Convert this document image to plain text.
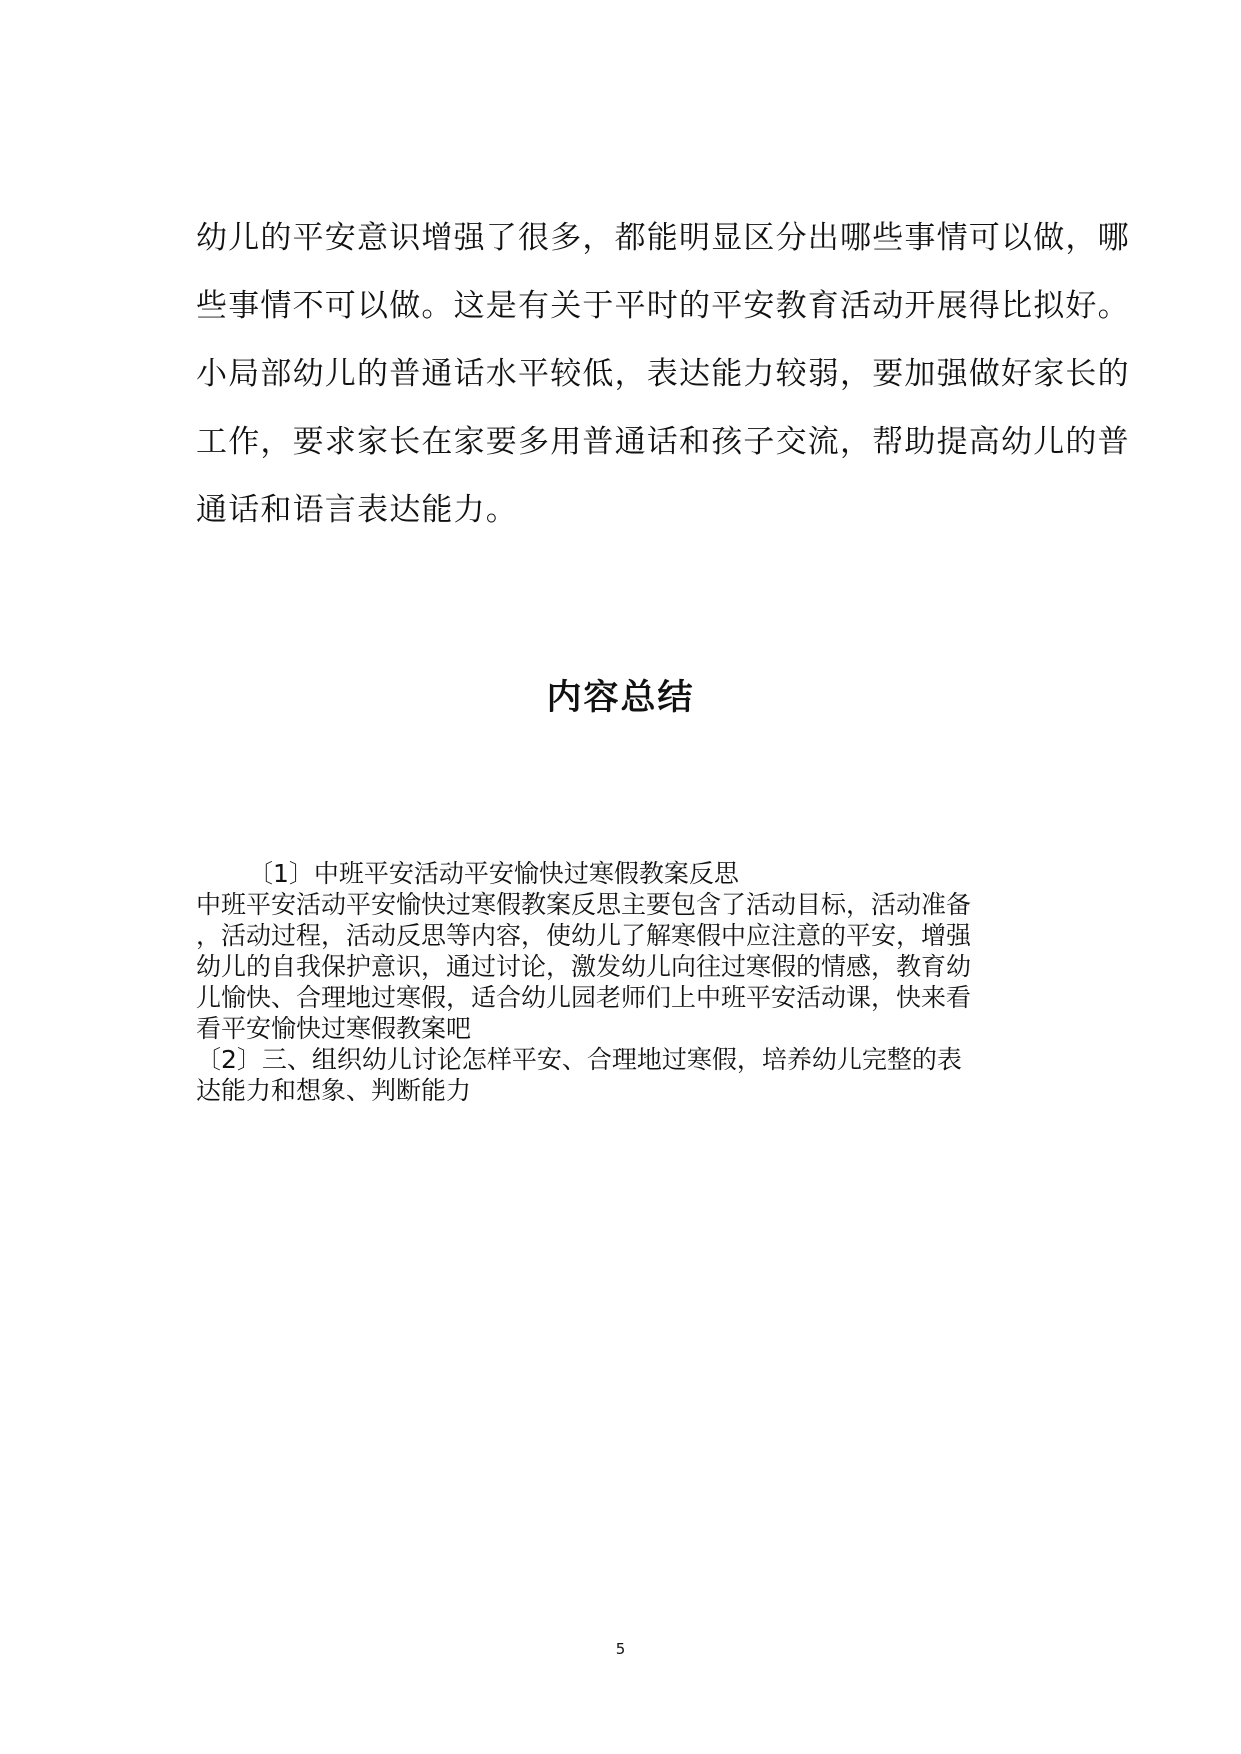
幼儿的平安意识增强了很多，都能明显区分出哪些事情可以做，哪
些事情不可以做。这是有关于平时的平安教育活动开展得比拟好。
小局部幼儿的普通话水平较低，表达能力较弱，要加强做好家长的
工作，要求家长在家要多用普通话和孩子交流，帮助提高幼儿的普
通话和语言表达能力。
内容总结
〔1〕中班平安活动平安愉快过寒假教案反思
中班平安活动平安愉快过寒假教案反思主要包含了活动目标，活动准备
，活动过程，活动反思等内容，使幼儿了解寒假中应注意的平安，增强
幼儿的自我保护意识，通过讨论，激发幼儿向往过寒假的情感，教育幼
儿愉快、合理地过寒假，适合幼儿园老师们上中班平安活动课，快来看
看平安愉快过寒假教案吧
〔2〕三、组织幼儿讨论怎样平安、合理地过寒假，培养幼儿完整的表
达能力和想象、判断能力
5
